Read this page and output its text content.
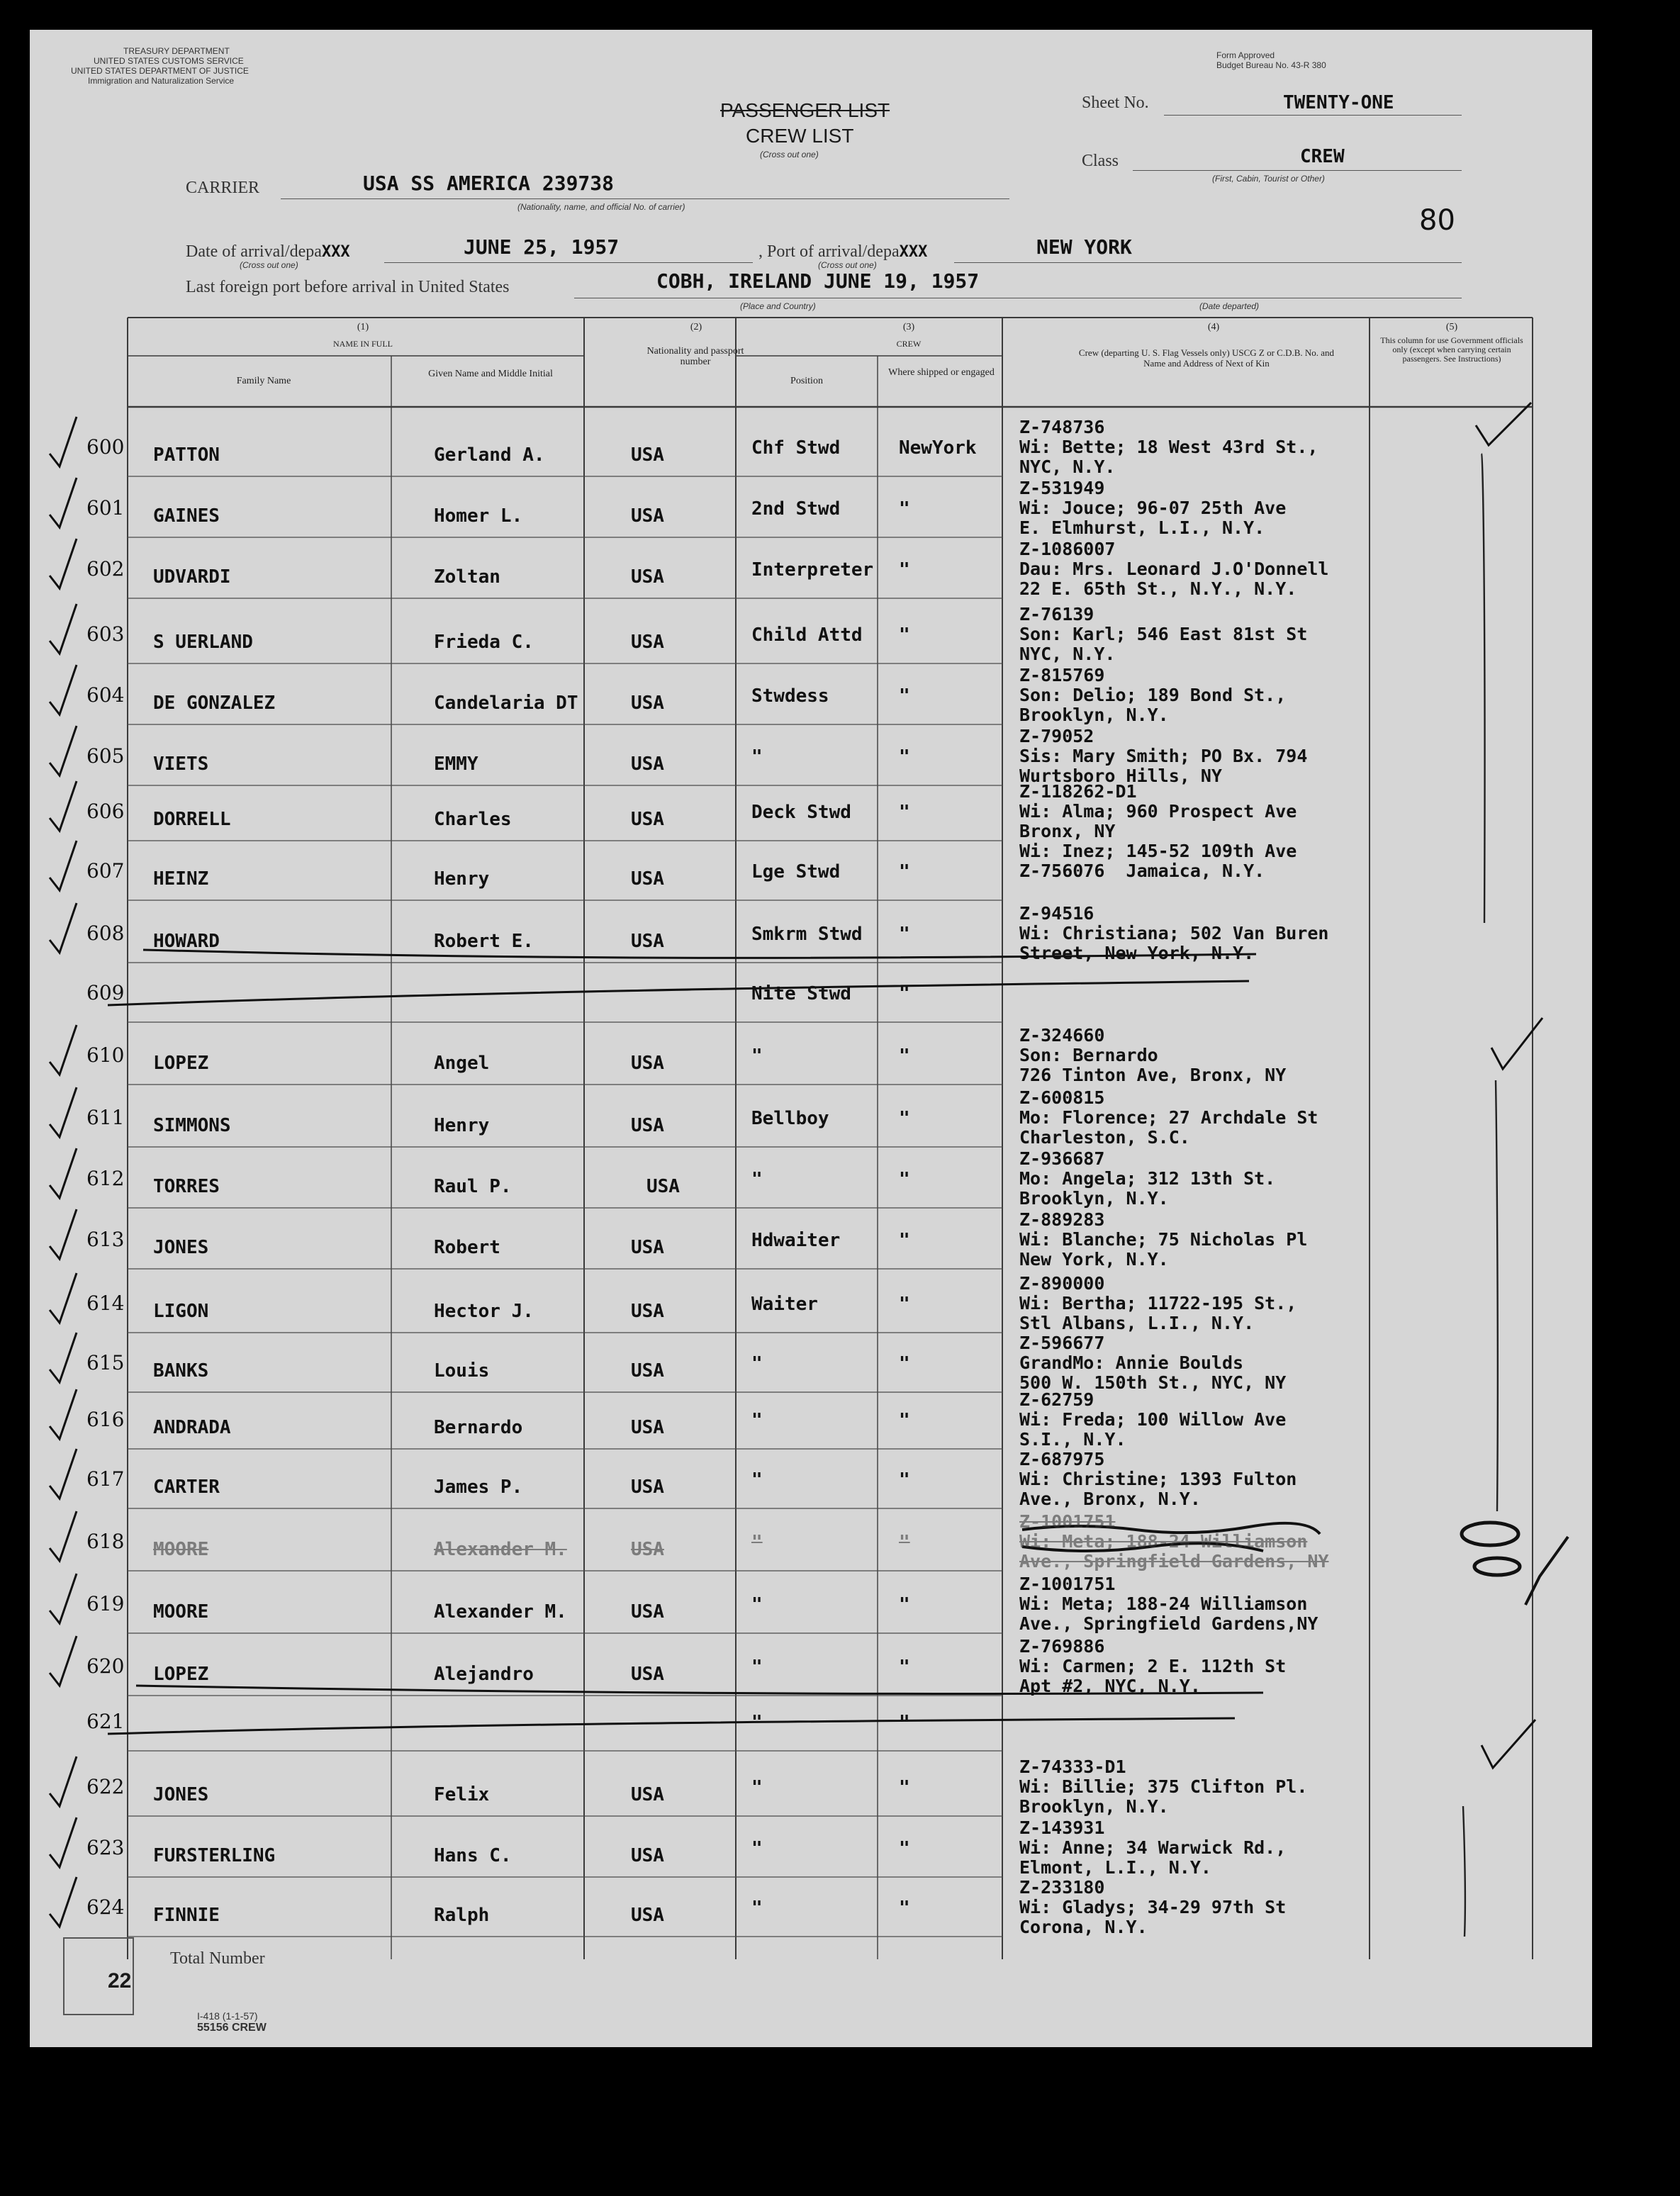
TREASURY DEPARTMENT
UNITED STATES CUSTOMS SERVICE
UNITED STATES DEPARTMENT OF JUSTICE
Immigration and Naturalization Service
Form Approved
Budget Bureau No. 43-R 380
PASSENGER LIST
CREW LIST
(Cross out one)
Sheet No.	TWENTY-ONE
Class	CREW
(First, Cabin, Tourist or Other)
CARRIER	USA SS AMERICA 239738
(Nationality, name, and official No. of carrier)	80
Date of arrival/depaXXX	JUNE 25, 1957
(Cross out one)
, Port of arrival/depaXXX	NEW YORK
(Cross out one)
Last foreign port before arrival in United States	COBH, IRELAND JUNE 19, 1957
(Place and Country)	(Date departed)
(1)
NAME IN FULL
Family Name
Given Name and Middle Initial
(2)
Nationality and passport number
(3)
CREW
Position
Where shipped or engaged
(4)
Crew (departing U. S. Flag Vessels only) USCG Z or C.D.B. No. and Name and Address of Next of Kin
(5)
This column for use Government officials only (except when carrying certain passengers. See Instructions)
600 PATTON	Gerland A.	USA	Chf Stwd	NewYork
Z-748736
Wi: Bette; 18 West 43rd St.,
NYC, N.Y.
601 GAINES	Homer L.	USA	2nd Stwd	"
Z-531949
Wi: Jouce; 96-07 25th Ave
E. Elmhurst, L.I., N.Y.
602 UDVARDI	Zoltan	USA	Interpreter "
Z-1086007
Dau: Mrs. Leonard J.O'Donnell
22 E. 65th St., N.Y., N.Y.
603 S UERLAND	Frieda C.	USA	Child Attd "
Z-76139
Son: Karl; 546 East 81st St
NYC, N.Y.
604 DE GONZALEZ	Candelaria DT	USA	Stwdess	"
Z-815769
Son: Delio; 189 Bond St.,
Brooklyn, N.Y.
605 VIETS	EMMY	USA	"	"
Z-79052
Sis: Mary Smith; PO Bx. 794
Wurtsboro Hills, NY
606 DORRELL	Charles	USA	Deck Stwd	"
Z-118262-D1
Wi: Alma; 960 Prospect Ave
Bronx, NY
607 HEINZ	Henry	USA	Lge Stwd	"
Wi: Inez; 145-52 109th Ave
Z-756076  Jamaica, N.Y.
608 HOWARD	Robert E.	USA	Smkrm Stwd "
Z-94516
Wi: Christiana; 502 Van Buren
Street, New York, N.Y.
609	Nite Stwd	"
610 LOPEZ	Angel	USA	"	"
Z-324660
Son: Bernardo
726 Tinton Ave, Bronx, NY
611 SIMMONS	Henry	USA	Bellboy	"
Z-600815
Mo: Florence; 27 Archdale St
Charleston, S.C.
612 TORRES	Raul P.	USA	"	"
Z-936687
Mo: Angela; 312 13th St.
Brooklyn, N.Y.
613 JONES	Robert	USA	Hdwaiter	"
Z-889283
Wi: Blanche; 75 Nicholas Pl
New York, N.Y.
614 LIGON	Hector J.	USA	Waiter	"
Z-890000
Wi: Bertha; 11722-195 St.,
Stl Albans, L.I., N.Y.
615 BANKS	Louis	USA	"	"
Z-596677
GrandMo: Annie Boulds
500 W. 150th St., NYC, NY
616 ANDRADA	Bernardo	USA	"	"
Z-62759
Wi: Freda; 100 Willow Ave
S.I., N.Y.
617 CARTER	James P.	USA	"	"
Z-687975
Wi: Christine; 1393 Fulton
Ave., Bronx, N.Y.
618 MOORE	Alexander M.	USA	"	"
Z-1001751
Wi: Meta; 188-24 Williamson
Ave., Springfield Gardens, NY
619 MOORE	Alexander M.	USA	"	"
Z-1001751
Wi: Meta; 188-24 Williamson
Ave., Springfield Gardens,NY
620 LOPEZ	Alejandro	USA	"	"
Z-769886
Wi: Carmen; 2 E. 112th St
Apt #2, NYC, N.Y.
621	"	"
622 JONES	Felix	USA	"	"
Z-74333-D1
Wi: Billie; 375 Clifton Pl.
Brooklyn, N.Y.
623 FURSTERLING	Hans C.	USA	"	"
Z-143931
Wi: Anne; 34 Warwick Rd.,
Elmont, L.I., N.Y.
624 FINNIE	Ralph	USA	"	"
Z-233180
Wi: Gladys; 34-29 97th St
Corona, N.Y.
22
Total Number
I-418 (1-1-57)
55156 CREW
